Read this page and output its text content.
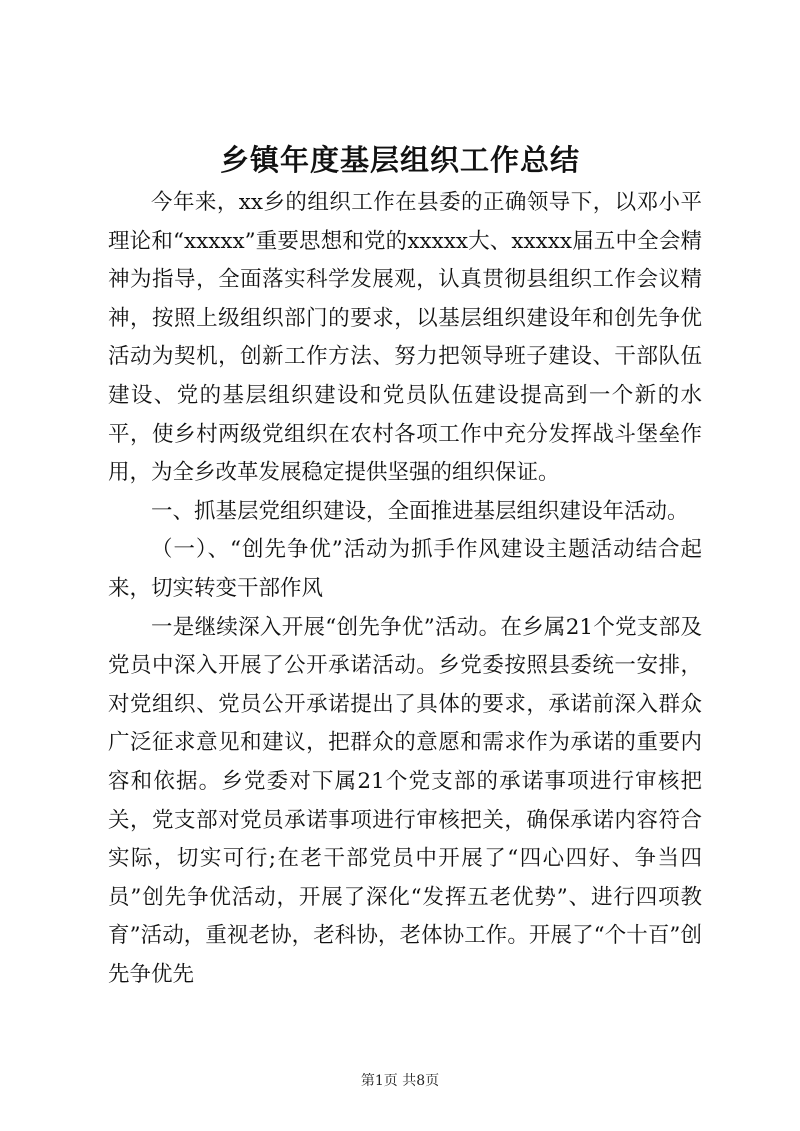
乡镇年度基层组织工作总结

今年来，xx乡的组织工作在县委的正确领导下，以邓小平理论和“xxxxx”重要思想和党的xxxxx大、xxxxx届五中全会精神为指导，全面落实科学发展观，认真贯彻县组织工作会议精神，按照上级组织部门的要求，以基层组织建设年和创先争优活动为契机，创新工作方法、努力把领导班子建设、干部队伍建设、党的基层组织建设和党员队伍建设提高到一个新的水平，使乡村两级党组织在农村各项工作中充分发挥战斗堡垒作用，为全乡改革发展稳定提供坚强的组织保证。

一、抓基层党组织建设，全面推进基层组织建设年活动。

（一）、“创先争优”活动为抓手作风建设主题活动结合起来，切实转变干部作风

一是继续深入开展“创先争优”活动。在乡属21个党支部及党员中深入开展了公开承诺活动。乡党委按照县委统一安排，对党组织、党员公开承诺提出了具体的要求，承诺前深入群众广泛征求意见和建议，把群众的意愿和需求作为承诺的重要内容和依据。乡党委对下属21个党支部的承诺事项进行审核把关，党支部对党员承诺事项进行审核把关，确保承诺内容符合实际，切实可行;在老干部党员中开展了“四心四好、争当四员”创先争优活动，开展了深化“发挥五老优势”、进行四项教育”活动，重视老协，老科协，老体协工作。开展了“个十百”创先争优先

第1页 共8页
